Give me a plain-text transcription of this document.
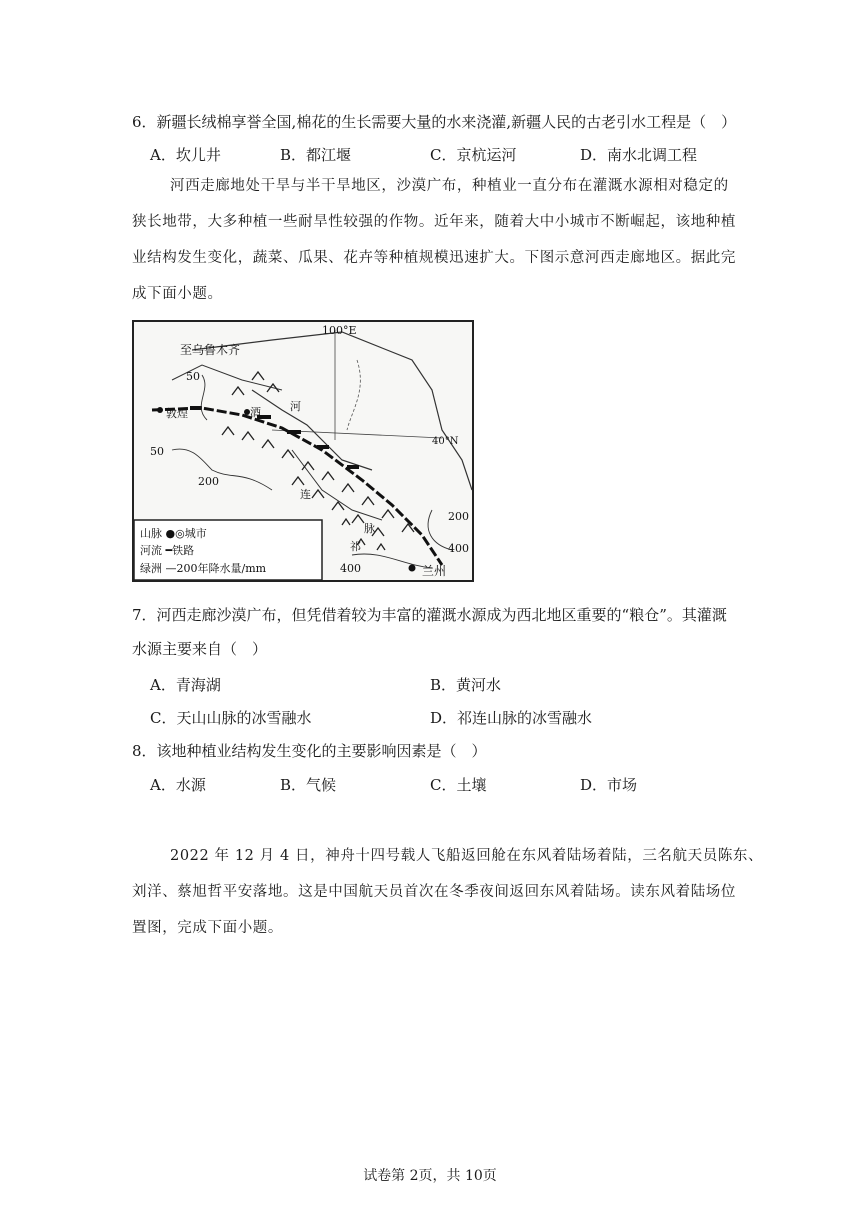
6．新疆长绒棉享誉全国,棉花的生长需要大量的水来浇灌,新疆人民的古老引水工程是（　）
A．坎儿井	B．都江堰	C．京杭运河	D．南水北调工程
河西走廊地处干旱与半干旱地区，沙漠广布，种植业一直分布在灌溉水源相对稳定的
狭长地带，大多种植一些耐旱性较强的作物。近年来，随着大中小城市不断崛起，该地种植
业结构发生变化，蔬菜、瓜果、花卉等种植规模迅速扩大。下图示意河西走廊地区。据此完
成下面小题。
至乌鲁木齐
100°E
40°N
敦煌	酒	河
连
脉
祁
兰州
50
50
200
200
400
400
山脉 ●◎城市
河流 ━铁路
绿洲 —200年降水量/mm
7．河西走廊沙漠广布，但凭借着较为丰富的灌溉水源成为西北地区重要的“粮仓”。其灌溉
水源主要来自（　）
A．青海湖	B．黄河水
C．天山山脉的冰雪融水	D．祁连山脉的冰雪融水
8．该地种植业结构发生变化的主要影响因素是（　）
A．水源	B．气候	C．土壤	D．市场
2022 年 12 月 4 日，神舟十四号载人飞船返回舱在东风着陆场着陆，三名航天员陈东、
刘洋、蔡旭哲平安落地。这是中国航天员首次在冬季夜间返回东风着陆场。读东风着陆场位
置图，完成下面小题。
试卷第 2页，共 10页
